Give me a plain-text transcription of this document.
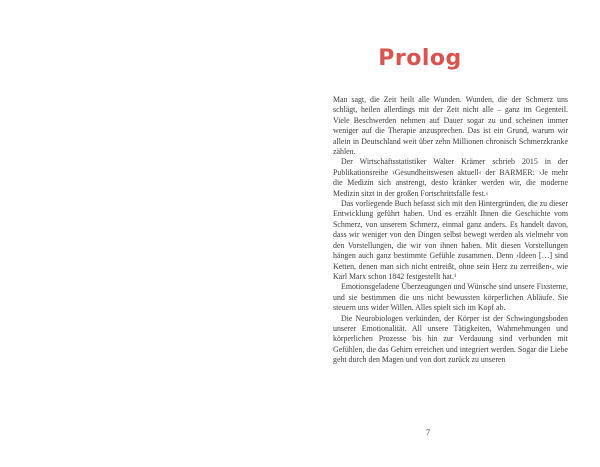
Prolog

Man sagt, die Zeit heilt alle Wunden. Wunden, die der Schmerz uns schlägt, heilen allerdings mit der Zeit nicht alle – ganz im Gegenteil. Viele Beschwerden nehmen auf Dauer sogar zu und scheinen immer weniger auf die Therapie anzusprechen. Das ist ein Grund, warum wir allein in Deutschland weit über zehn Millionen chronisch Schmerzkranke zählen.

Der Wirtschaftsstatistiker Walter Krämer schrieb 2015 in der Publikationsreihe ›Gesundheitswesen aktuell‹ der BARMER: ›Je mehr die Medizin sich anstrengt, desto kränker werden wir, die moderne Medizin sitzt in der großen Fortschrittsfalle fest.‹

Das vorliegende Buch befasst sich mit den Hintergründen, die zu dieser Entwicklung geführt haben. Und es erzählt Ihnen die Geschichte vom Schmerz, von unserem Schmerz, einmal ganz anders. Es handelt davon, dass wir weniger von den Dingen selbst bewegt werden als vielmehr von den Vorstellungen, die wir von ihnen haben. Mit diesen Vorstellungen hängen auch ganz bestimmte Gefühle zusammen. Denn ›Ideen […] sind Ketten, denen man sich nicht entreißt, ohne sein Herz zu zerreißen‹, wie Karl Marx schon 1842 festgestellt hat.¹

Emotionsgeladene Überzeugungen und Wünsche sind unsere Fixsterne, und sie bestimmen die uns nicht bewussten körperlichen Abläufe. Sie steuern uns wider Willen. Alles spielt sich im Kopf ab.

Die Neurobiologen verkünden, der Körper ist der Schwingungsboden unserer Emotionalität. All unsere Tätigkeiten, Wahrnehmungen und körperlichen Prozesse bis hin zur Verdauung sind verbunden mit Gefühlen, die das Gehirn erreichen und integriert werden. Sogar die Liebe geht durch den Magen und von dort zurück zu unseren

7
